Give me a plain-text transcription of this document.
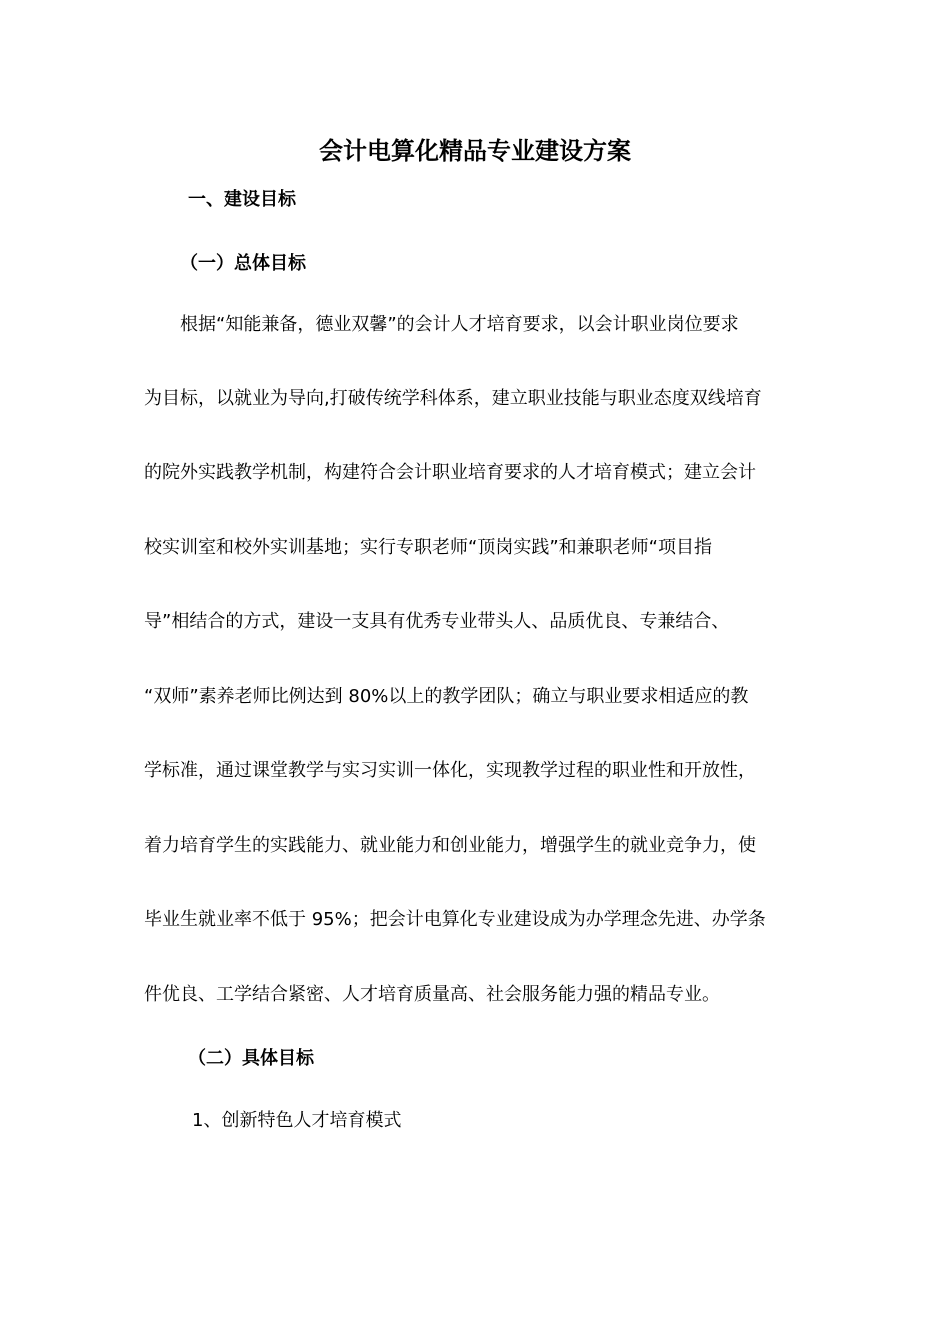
会计电算化精品专业建设方案
一、建设目标
（一）总体目标

根据“知能兼备，德业双馨”的会计人才培育要求，以会计职业岗位要求

为目标，以就业为导向,打破传统学科体系，建立职业技能与职业态度双线培育

的院外实践教学机制，构建符合会计职业培育要求的人才培育模式；建立会计

校实训室和校外实训基地；实行专职老师“顶岗实践”和兼职老师“项目指

导”相结合的方式，建设一支具有优秀专业带头人、品质优良、专兼结合、

“双师”素养老师比例达到 80%以上的教学团队；确立与职业要求相适应的教

学标准，通过课堂教学与实习实训一体化，实现教学过程的职业性和开放性，

着力培育学生的实践能力、就业能力和创业能力，增强学生的就业竞争力，使

毕业生就业率不低于 95%；把会计电算化专业建设成为办学理念先进、办学条

件优良、工学结合紧密、人才培育质量高、社会服务能力强的精品专业。

（二）具体目标

1、创新特色人才培育模式
